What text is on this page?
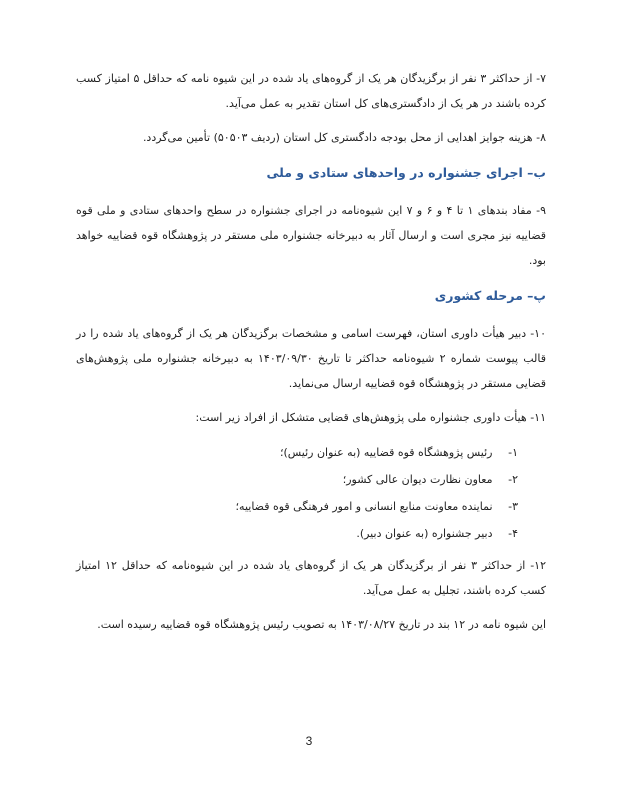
۷- از حداکثر ۳ نفر از برگزیدگان هر یک از گروه‌های یاد شده در این شیوه نامه که حداقل ۵ امتیاز کسب کرده باشند در هر یک از دادگستری‌های کل استان تقدیر به عمل می‌آید.

۸- هزینه جوایز اهدایی از محل بودجه دادگستری کل استان (ردیف ۵۰۵۰۳) تأمین می‌گردد.

ب– اجرای جشنواره در واحدهای ستادی و ملی

۹- مفاد بندهای ۱ تا ۴ و ۶ و ۷ این شیوه‌نامه در اجرای جشنواره در سطح واحدهای ستادی و ملی قوه قضاییه نیز مجری است و ارسال آثار به دبیرخانه جشنواره ملی مستقر در پژوهشگاه قوه قضاییه خواهد بود.

پ– مرحله کشوری

۱۰- دبیر هیأت داوری استان، فهرست اسامی و مشخصات برگزیدگان هر یک از گروه‌های یاد شده را در قالب پیوست شماره ۲ شیوه‌نامه حداکثر تا تاریخ ۱۴۰۳/۰۹/۳۰ به دبیرخانه جشنواره ملی پژوهش‌های قضایی مستقر در پژوهشگاه قوه قضاییه ارسال می‌نماید.

۱۱- هیأت داوری جشنواره ملی پژوهش‌های قضایی متشکل از افراد زیر است:

۱- رئیس پژوهشگاه قوه قضاییه (به عنوان رئیس)؛
۲- معاون نظارت دیوان عالی کشور؛
۳- نماینده معاونت منابع انسانی و امور فرهنگی قوه قضاییه؛
۴- دبیر جشنواره (به عنوان دبیر).

۱۲- از حداکثر ۳ نفر از برگزیدگان هر یک از گروه‌های یاد شده در این شیوه‌نامه که حداقل ۱۲ امتیاز کسب کرده باشند، تجلیل به عمل می‌آید.

این شیوه نامه در ۱۲ بند در تاریخ ۱۴۰۳/۰۸/۲۷ به تصویب رئیس پژوهشگاه قوه قضاییه رسیده است.

3
